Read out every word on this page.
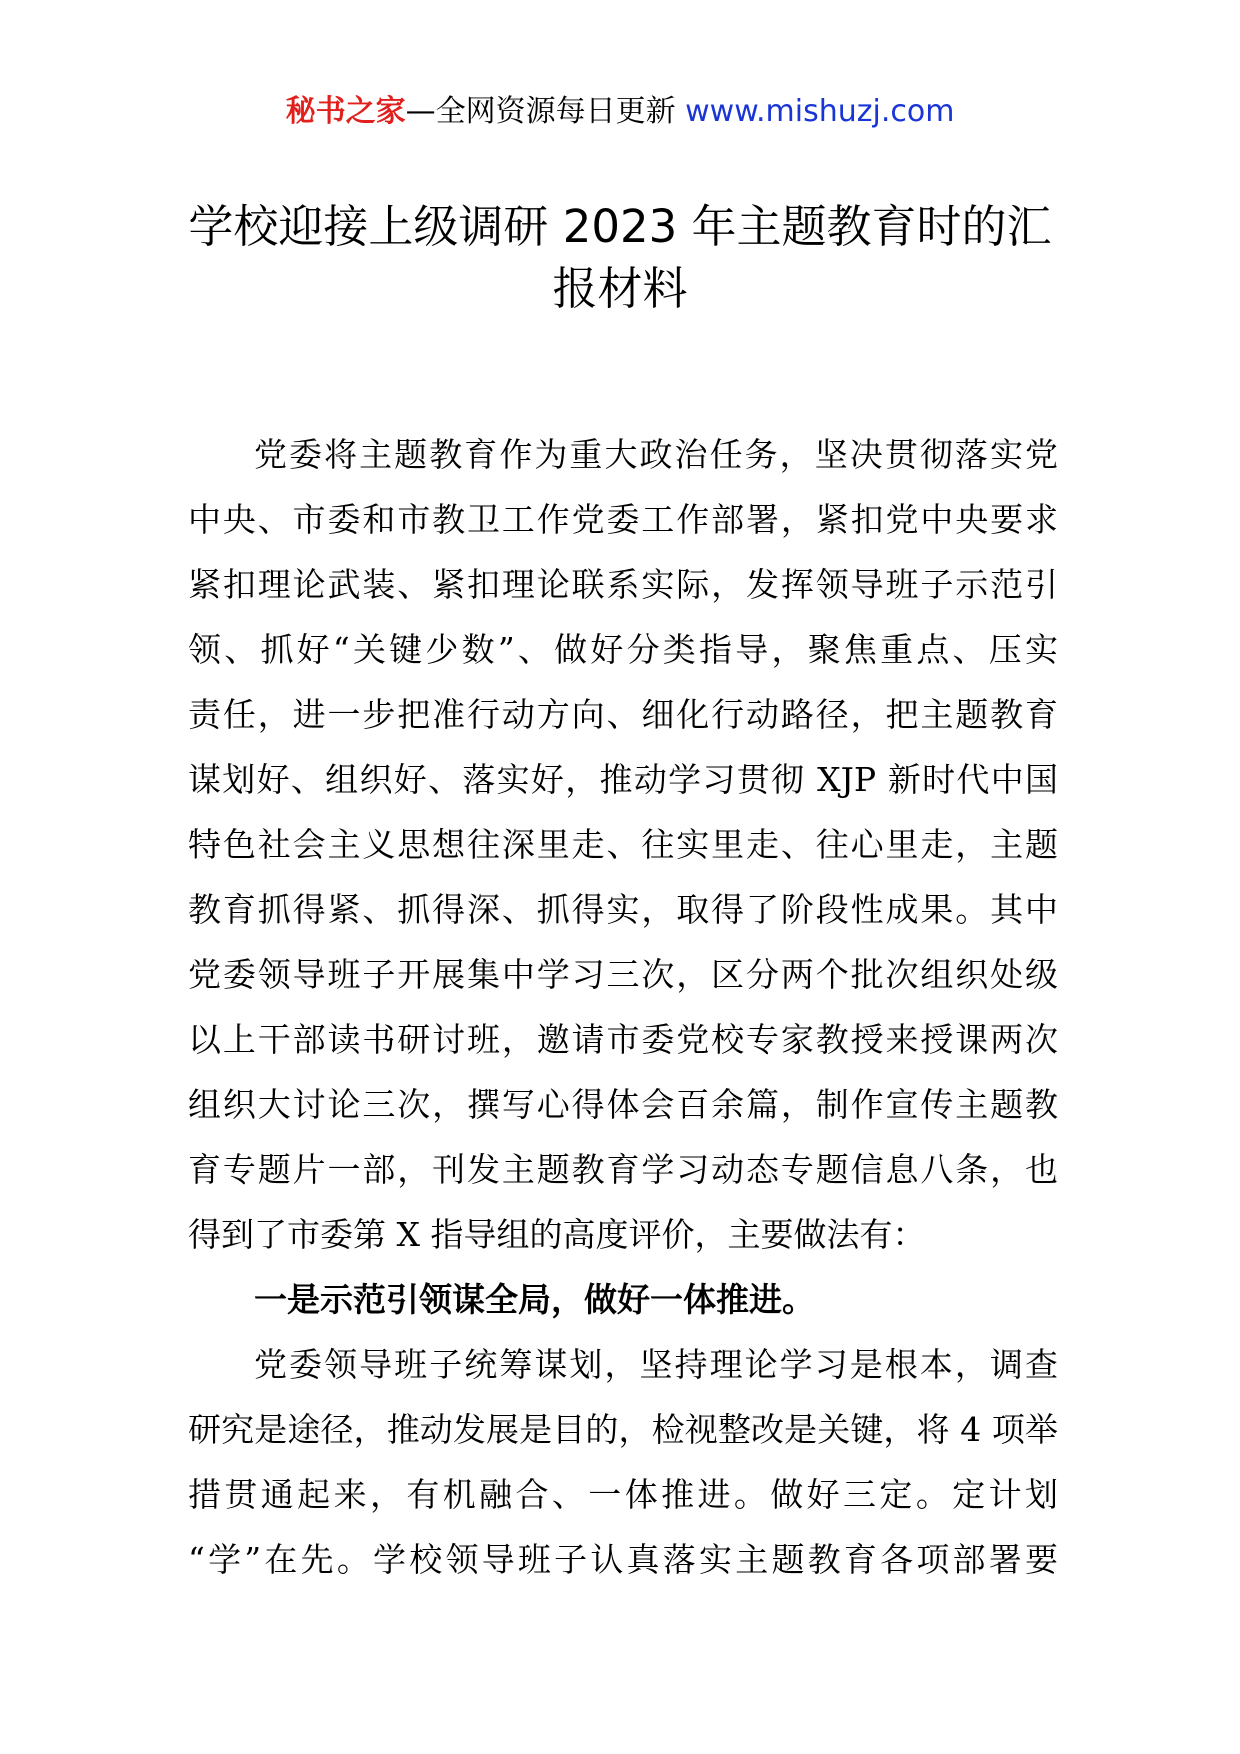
秘书之家—全网资源每日更新 www.mishuzj.com
学校迎接上级调研 2023 年主题教育时的汇
报材料
党委将主题教育作为重大政治任务，坚决贯彻落实党
中央、市委和市教卫工作党委工作部署，紧扣党中央要求
紧扣理论武装、紧扣理论联系实际，发挥领导班子示范引
领、抓好“关键少数”、做好分类指导，聚焦重点、压实
责任，进一步把准行动方向、细化行动路径，把主题教育
谋划好、组织好、落实好，推动学习贯彻 XJP 新时代中国
特色社会主义思想往深里走、往实里走、往心里走，主题
教育抓得紧、抓得深、抓得实，取得了阶段性成果。其中
党委领导班子开展集中学习三次，区分两个批次组织处级
以上干部读书研讨班，邀请市委党校专家教授来授课两次
组织大讨论三次，撰写心得体会百余篇，制作宣传主题教
育专题片一部，刊发主题教育学习动态专题信息八条，也
得到了市委第 X 指导组的高度评价，主要做法有：
一是示范引领谋全局，做好一体推进。
党委领导班子统筹谋划，坚持理论学习是根本，调查
研究是途径，推动发展是目的，检视整改是关键，将 4 项举
措贯通起来，有机融合、一体推进。做好三定。定计划
“学”在先。学校领导班子认真落实主题教育各项部署要
